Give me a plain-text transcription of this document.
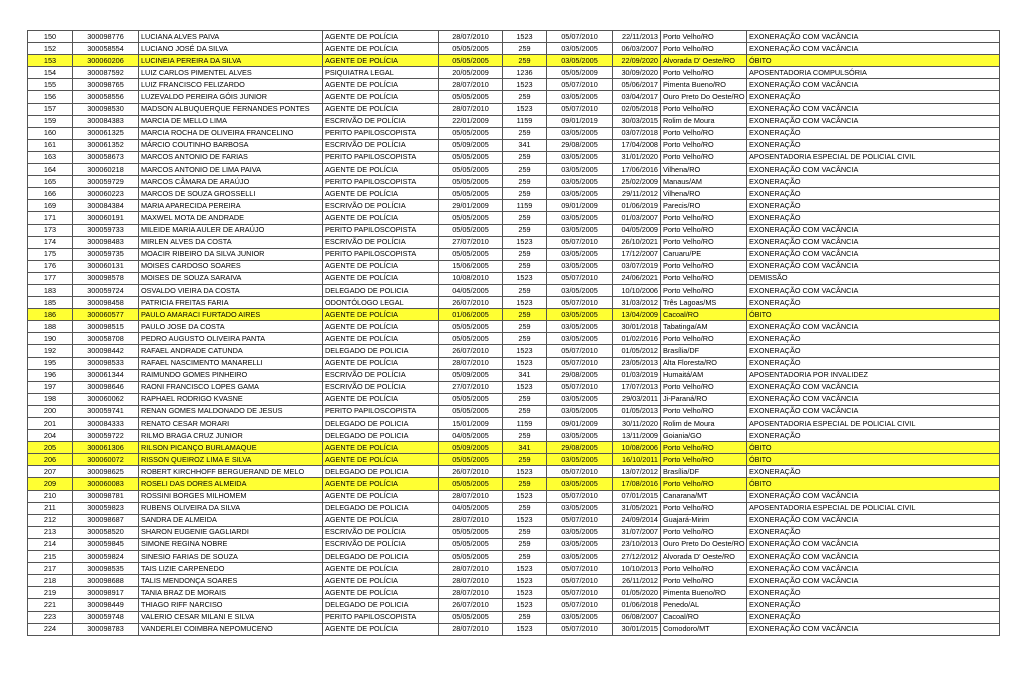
150	300098776	LUCIANA ALVES PAIVA	AGENTE DE POLÍCIA	28/07/2010	1523	05/07/2010	22/11/2013	Porto Velho/RO	EXONERAÇÃO COM VACÂNCIA
152	300058554	LUCIANO JOSÉ DA SILVA	AGENTE DE POLÍCIA	05/05/2005	259	03/05/2005	06/03/2007	Porto Velho/RO	EXONERAÇÃO COM VACÂNCIA
153	300060206	LUCINEIA PEREIRA DA SILVA	AGENTE DE POLÍCIA	05/05/2005	259	03/05/2005	22/09/2020	Alvorada D' Oeste/RO	ÓBITO
154	300087592	LUIZ CARLOS PIMENTEL ALVES	PSIQUIATRA LEGAL	20/05/2009	1236	05/05/2009	30/09/2020	Porto Velho/RO	APOSENTADORIA COMPULSÓRIA
155	300098765	LUIZ FRANCISCO FELIZARDO	AGENTE DE POLÍCIA	28/07/2010	1523	05/07/2010	05/06/2017	Pimenta Bueno/RO	EXONERAÇÃO COM VACÂNCIA
156	300058556	LUZEVALDO PEREIRA GÓIS JUNIOR	AGENTE DE POLÍCIA	05/05/2005	259	03/05/2005	03/04/2017	Ouro Preto Do Oeste/RO	EXONERAÇÃO
157	300098530	MADSON ALBUQUERQUE FERNANDES PONTES	AGENTE DE POLÍCIA	28/07/2010	1523	05/07/2010	02/05/2018	Porto Velho/RO	EXONERAÇÃO COM VACÂNCIA
159	300084383	MARCIA DE MELLO LIMA	ESCRIVÃO DE POLÍCIA	22/01/2009	1159	09/01/2019	30/03/2015	Rolim de Moura	EXONERAÇÃO COM VACÂNCIA
160	300061325	MARCIA ROCHA DE OLIVEIRA FRANCELINO	PERITO PAPILOSCOPISTA	05/05/2005	259	03/05/2005	03/07/2018	Porto Velho/RO	EXONERAÇÃO
161	300061352	MÁRCIO COUTINHO BARBOSA	ESCRIVÃO DE POLÍCIA	05/09/2005	341	29/08/2005	17/04/2008	Porto Velho/RO	EXONERAÇÃO
163	300058673	MARCOS ANTONIO DE FARIAS	PERITO PAPILOSCOPISTA	05/05/2005	259	03/05/2005	31/01/2020	Porto Velho/RO	APOSENTADORIA ESPECIAL DE POLICIAL CIVIL
164	300060218	MARCOS ANTONIO DE LIMA PAIVA	AGENTE DE POLÍCIA	05/05/2005	259	03/05/2005	17/06/2016	Vilhena/RO	EXONERAÇÃO COM VACÂNCIA
165	300059729	MARCOS CÂMARA DE ARAÚJO	PERITO PAPILOSCOPISTA	05/05/2005	259	03/05/2005	25/02/2009	Manaus/AM	EXONERAÇÃO
166	300060223	MARCOS DE SOUZA GROSSELLI	AGENTE DE POLÍCIA	05/05/2005	259	03/05/2005	29/11/2012	Vilhena/RO	EXONERAÇÃO
169	300084384	MARIA APARECIDA PEREIRA	ESCRIVÃO DE POLÍCIA	29/01/2009	1159	09/01/2009	01/06/2019	Parecis/RO	EXONERAÇÃO
171	300060191	MAXWEL MOTA DE ANDRADE	AGENTE DE POLÍCIA	05/05/2005	259	03/05/2005	01/03/2007	Porto Velho/RO	EXONERAÇÃO
173	300059733	MILEIDE MARIA AULER DE ARAÚJO	PERITO PAPILOSCOPISTA	05/05/2005	259	03/05/2005	04/05/2009	Porto Velho/RO	EXONERAÇÃO COM VACÂNCIA
174	300098483	MIRLEN ALVES DA COSTA	ESCRIVÃO DE POLÍCIA	27/07/2010	1523	05/07/2010	26/10/2021	Porto Velho/RO	EXONERAÇÃO COM VACÂNCIA
175	300059735	MOACIR RIBEIRO DA SILVA JUNIOR	PERITO PAPILOSCOPISTA	05/05/2005	259	03/05/2005	17/12/2007	Caruaru/PE	EXONERAÇÃO COM VACÂNCIA
176	300060131	MOISES CARDOSO SOARES	AGENTE DE POLÍCIA	15/06/2005	259	03/05/2005	03/07/2019	Porto Velho/RO	EXONERAÇÃO COM VACÂNCIA
177	300098578	MOISES DE SOUZA SARAIVA	AGENTE DE POLÍCIA	10/08/2010	1523	05/07/2010	24/06/2021	Porto Velho/RO	DEMISSÃO
183	300059724	OSVALDO VIEIRA DA COSTA	DELEGADO DE POLICIA	04/05/2005	259	03/05/2005	10/10/2006	Porto Velho/RO	EXONERAÇÃO COM VACÂNCIA
185	300098458	PATRICIA FREITAS FARIA	ODONTÓLOGO LEGAL	26/07/2010	1523	05/07/2010	31/03/2012	Três Lagoas/MS	EXONERAÇÃO
186	300060577	PAULO AMARACI FURTADO AIRES	AGENTE DE POLÍCIA	01/06/2005	259	03/05/2005	13/04/2009	Cacoal/RO	ÓBITO
188	300098515	PAULO JOSE DA COSTA	AGENTE DE POLÍCIA	05/05/2005	259	03/05/2005	30/01/2018	Tabatinga/AM	EXONERAÇÃO COM VACÂNCIA
190	300058708	PEDRO AUGUSTO OLIVEIRA PANTA	AGENTE DE POLÍCIA	05/05/2005	259	03/05/2005	01/02/2016	Porto Velho/RO	EXONERAÇÃO
192	300098442	RAFAEL ANDRADE CATUNDA	DELEGADO DE POLICIA	26/07/2010	1523	05/07/2010	01/05/2012	Brasília/DF	EXONERAÇÃO
195	300098533	RAFAEL NASCIMENTO MANARELLI	AGENTE DE POLÍCIA	28/07/2010	1523	05/07/2010	23/05/2013	Alta Floresta/RO	EXONERAÇÃO
196	300061344	RAIMUNDO GOMES PINHEIRO	ESCRIVÃO DE POLÍCIA	05/09/2005	341	29/08/2005	01/03/2019	Humaitá/AM	APOSENTADORIA POR INVALIDEZ
197	300098646	RAONI FRANCISCO LOPES GAMA	ESCRIVÃO DE POLÍCIA	27/07/2010	1523	05/07/2010	17/07/2013	Porto Velho/RO	EXONERAÇÃO COM VACÂNCIA
198	300060062	RAPHAEL RODRIGO KVASNE	AGENTE DE POLÍCIA	05/05/2005	259	03/05/2005	29/03/2011	Ji-Paraná/RO	EXONERAÇÃO COM VACÂNCIA
200	300059741	RENAN GOMES MALDONADO DE JESUS	PERITO PAPILOSCOPISTA	05/05/2005	259	03/05/2005	01/05/2013	Porto Velho/RO	EXONERAÇÃO COM VACÂNCIA
201	300084333	RENATO CESAR MORARI	DELEGADO DE POLICIA	15/01/2009	1159	09/01/2009	30/11/2020	Rolim de Moura	APOSENTADORIA ESPECIAL DE POLICIAL CIVIL
204	300059722	RILMO BRAGA CRUZ JUNIOR	DELEGADO DE POLICIA	04/05/2005	259	03/05/2005	13/11/2009	Goiania/GO	EXONERAÇÃO
205	300061306	RILSON PICANÇO BURLAMAQUE	AGENTE DE POLÍCIA	05/09/2005	341	29/08/2005	10/08/2006	Porto Velho/RO	ÓBITO
206	300060072	RISSON QUEIROZ LIMA E SILVA	AGENTE DE POLÍCIA	05/05/2005	259	03/05/2005	16/10/2011	Porto Velho/RO	ÓBITO
207	300098625	ROBERT KIRCHHOFF BERGUERAND DE MELO	DELEGADO DE POLICIA	26/07/2010	1523	05/07/2010	13/07/2012	Brasília/DF	EXONERAÇÃO
209	300060083	ROSELI DAS DORES ALMEIDA	AGENTE DE POLÍCIA	05/05/2005	259	03/05/2005	17/08/2016	Porto Velho/RO	ÓBITO
210	300098781	ROSSINI BORGES MILHOMEM	AGENTE DE POLÍCIA	28/07/2010	1523	05/07/2010	07/01/2015	Canarana/MT	EXONERAÇÃO COM VACÂNCIA
211	300059823	RUBENS OLIVEIRA DA SILVA	DELEGADO DE POLICIA	04/05/2005	259	03/05/2005	31/05/2021	Porto Velho/RO	APOSENTADORIA ESPECIAL DE POLICIAL CIVIL
212	300098687	SANDRA DE ALMEIDA	AGENTE DE POLÍCIA	28/07/2010	1523	05/07/2010	24/09/2014	Guajará-Mirim	EXONERAÇÃO COM VACÂNCIA
213	300058520	SHARON EUGENIE GAGLIARDI	ESCRIVÃO DE POLÍCIA	05/05/2005	259	03/05/2005	31/07/2007	Porto Velho/RO	EXONERAÇÃO
214	300059845	SIMONE REGINA NOBRE	ESCRIVÃO DE POLÍCIA	05/05/2005	259	03/05/2005	23/10/2013	Ouro Preto Do Oeste/RO	EXONERAÇÃO COM VACÂNCIA
215	300059824	SINESIO FARIAS DE SOUZA	DELEGADO DE POLICIA	05/05/2005	259	03/05/2005	27/12/2012	Alvorada D' Oeste/RO	EXONERAÇÃO COM VACÂNCIA
217	300098535	TAIS LIZIE CARPENEDO	AGENTE DE POLÍCIA	28/07/2010	1523	05/07/2010	10/10/2013	Porto Velho/RO	EXONERAÇÃO COM VACÂNCIA
218	300098688	TALIS MENDONÇA SOARES	AGENTE DE POLÍCIA	28/07/2010	1523	05/07/2010	26/11/2012	Porto Velho/RO	EXONERAÇÃO COM VACÂNCIA
219	300098917	TANIA BRAZ DE MORAIS	AGENTE DE POLÍCIA	28/07/2010	1523	05/07/2010	01/05/2020	Pimenta Bueno/RO	EXONERAÇÃO
221	300098449	THIAGO RIFF NARCISO	DELEGADO DE POLICIA	26/07/2010	1523	05/07/2010	01/06/2018	Penedo/AL	EXONERAÇÃO
223	300059748	VALERIO CESAR MILANI E SILVA	PERITO PAPILOSCOPISTA	05/05/2005	259	03/05/2005	06/08/2007	Cacoal/RO	EXONERAÇÃO
224	300098783	VANDERLEI COIMBRA NEPOMUCENO	AGENTE DE POLÍCIA	28/07/2010	1523	05/07/2010	30/01/2015	Comodoro/MT	EXONERAÇÃO COM VACÂNCIA
